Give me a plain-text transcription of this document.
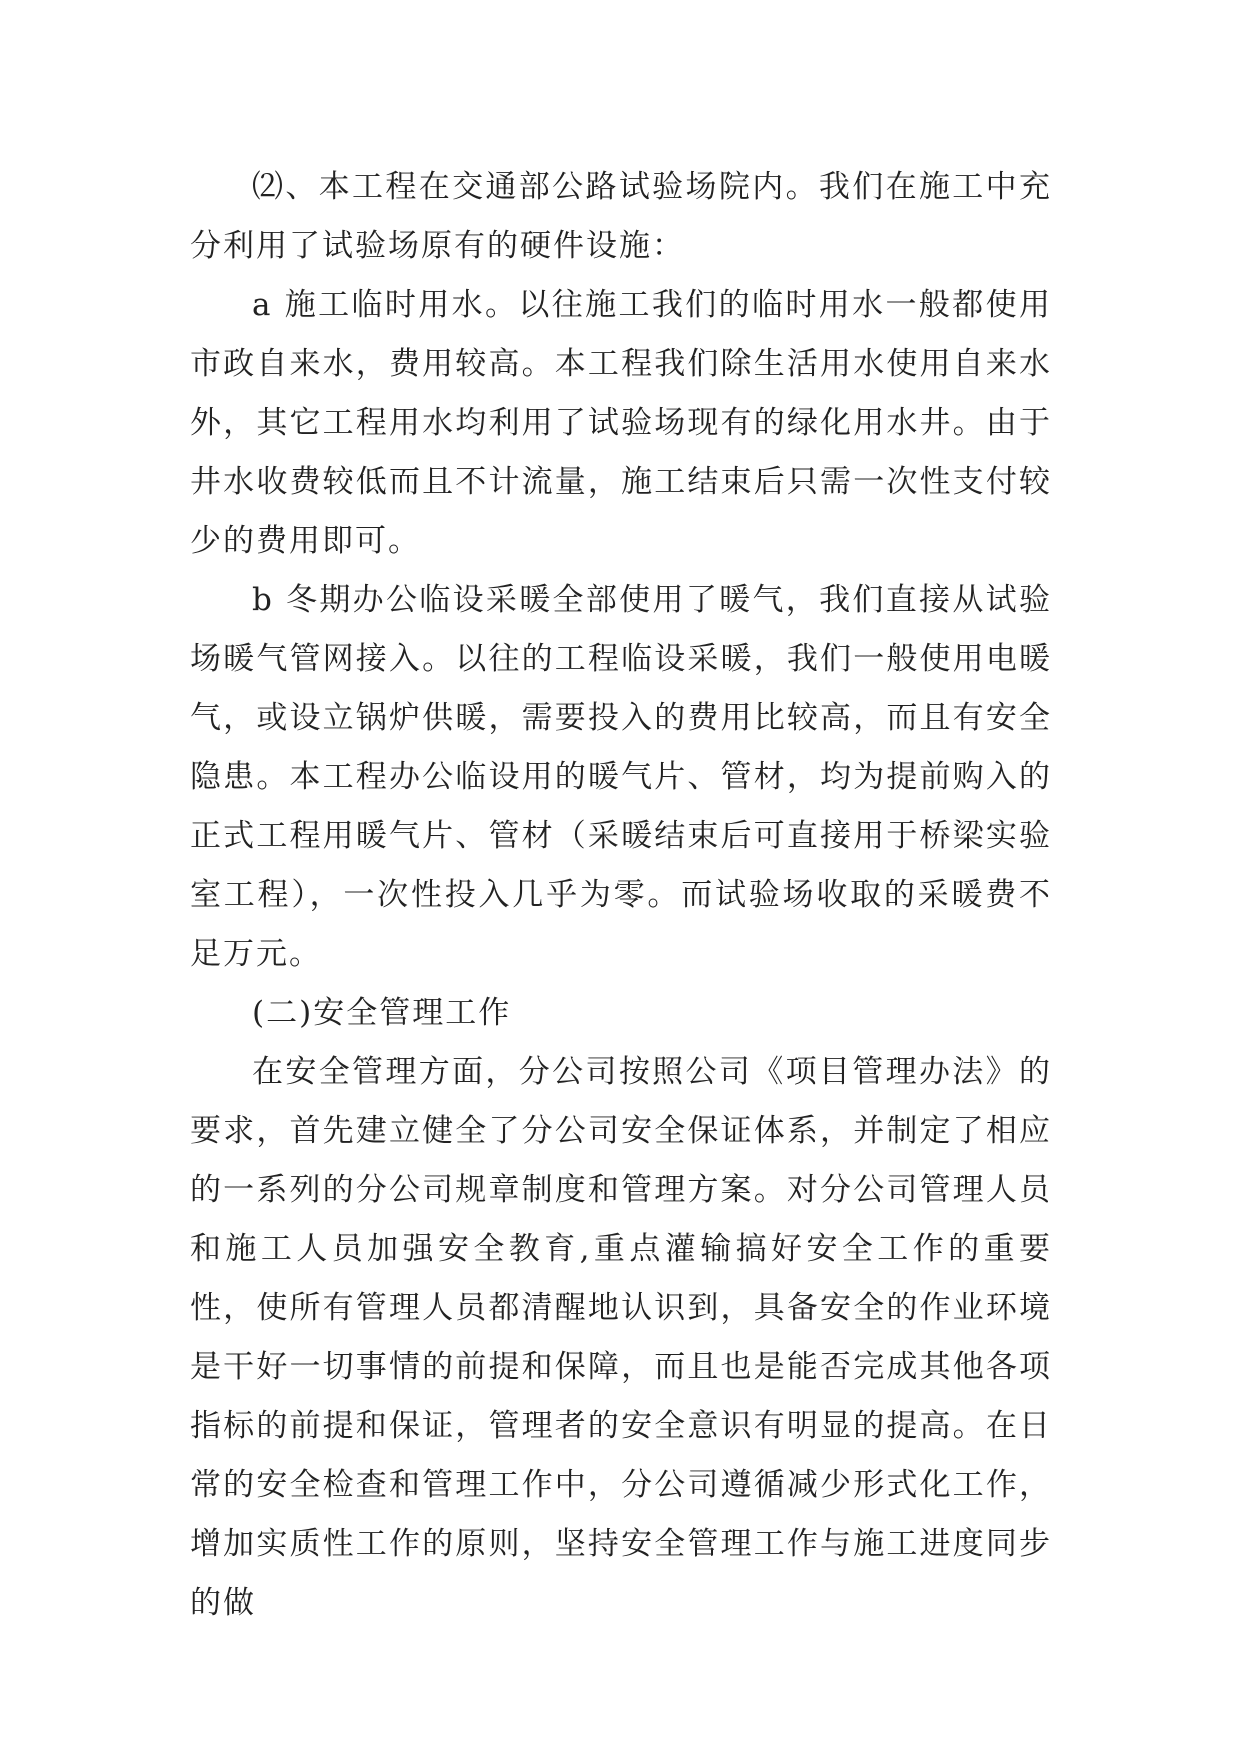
⑵、本工程在交通部公路试验场院内。我们在施工中充分利用了试验场原有的硬件设施：

a 施工临时用水。以往施工我们的临时用水一般都使用市政自来水，费用较高。本工程我们除生活用水使用自来水外，其它工程用水均利用了试验场现有的绿化用水井。由于井水收费较低而且不计流量，施工结束后只需一次性支付较少的费用即可。

b 冬期办公临设采暖全部使用了暖气，我们直接从试验场暖气管网接入。以往的工程临设采暖，我们一般使用电暖气，或设立锅炉供暖，需要投入的费用比较高，而且有安全隐患。本工程办公临设用的暖气片、管材，均为提前购入的正式工程用暖气片、管材（采暖结束后可直接用于桥梁实验室工程），一次性投入几乎为零。而试验场收取的采暖费不足万元。

(二)安全管理工作

在安全管理方面，分公司按照公司《项目管理办法》的要求，首先建立健全了分公司安全保证体系，并制定了相应的一系列的分公司规章制度和管理方案。对分公司管理人员和施工人员加强安全教育,重点灌输搞好安全工作的重要性，使所有管理人员都清醒地认识到，具备安全的作业环境是干好一切事情的前提和保障，而且也是能否完成其他各项指标的前提和保证，管理者的安全意识有明显的提高。在日常的安全检查和管理工作中，分公司遵循减少形式化工作，增加实质性工作的原则，坚持安全管理工作与施工进度同步的做
